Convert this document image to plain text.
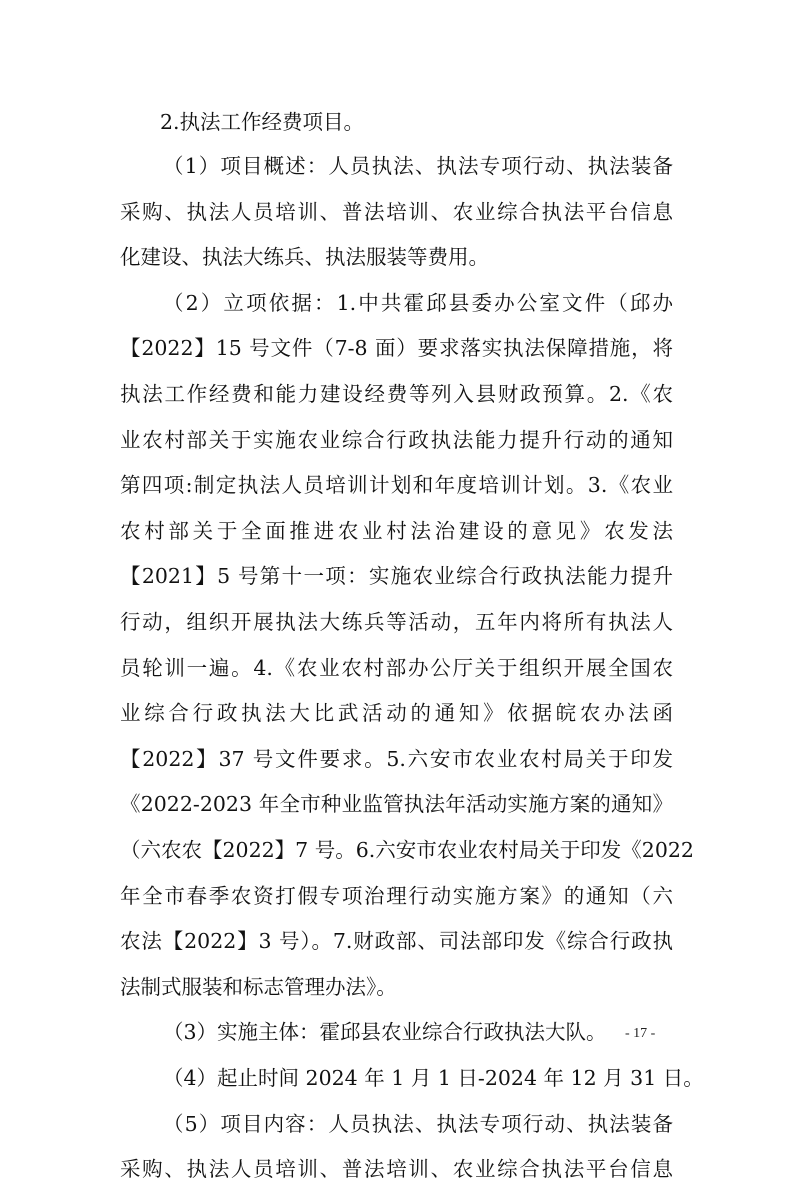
2.执法工作经费项目。
（1）项目概述：人员执法、执法专项行动、执法装备
采购、执法人员培训、普法培训、农业综合执法平台信息
化建设、执法大练兵、执法服装等费用。
（2）立项依据：1.中共霍邱县委办公室文件（邱办
【2022】15 号文件（7-8 面）要求落实执法保障措施，将
执法工作经费和能力建设经费等列入县财政预算。2.《农
业农村部关于实施农业综合行政执法能力提升行动的通知
第四项:制定执法人员培训计划和年度培训计划。3.《农业
农村部关于全面推进农业村法治建设的意见》农发法
【2021】5 号第十一项：实施农业综合行政执法能力提升
行动，组织开展执法大练兵等活动，五年内将所有执法人
员轮训一遍。4.《农业农村部办公厅关于组织开展全国农
业综合行政执法大比武活动的通知》依据皖农办法函
【2022】37 号文件要求。5.六安市农业农村局关于印发
《2022-2023 年全市种业监管执法年活动实施方案的通知》
（六农农【2022】7 号。6.六安市农业农村局关于印发《2022
年全市春季农资打假专项治理行动实施方案》的通知（六
农法【2022】3 号）。7.财政部、司法部印发《综合行政执
法制式服装和标志管理办法》。
（3）实施主体：霍邱县农业综合行政执法大队。
（4）起止时间 2024 年 1 月 1 日-2024 年 12 月 31 日。
（5）项目内容：人员执法、执法专项行动、执法装备
采购、执法人员培训、普法培训、农业综合执法平台信息
- 17 -
